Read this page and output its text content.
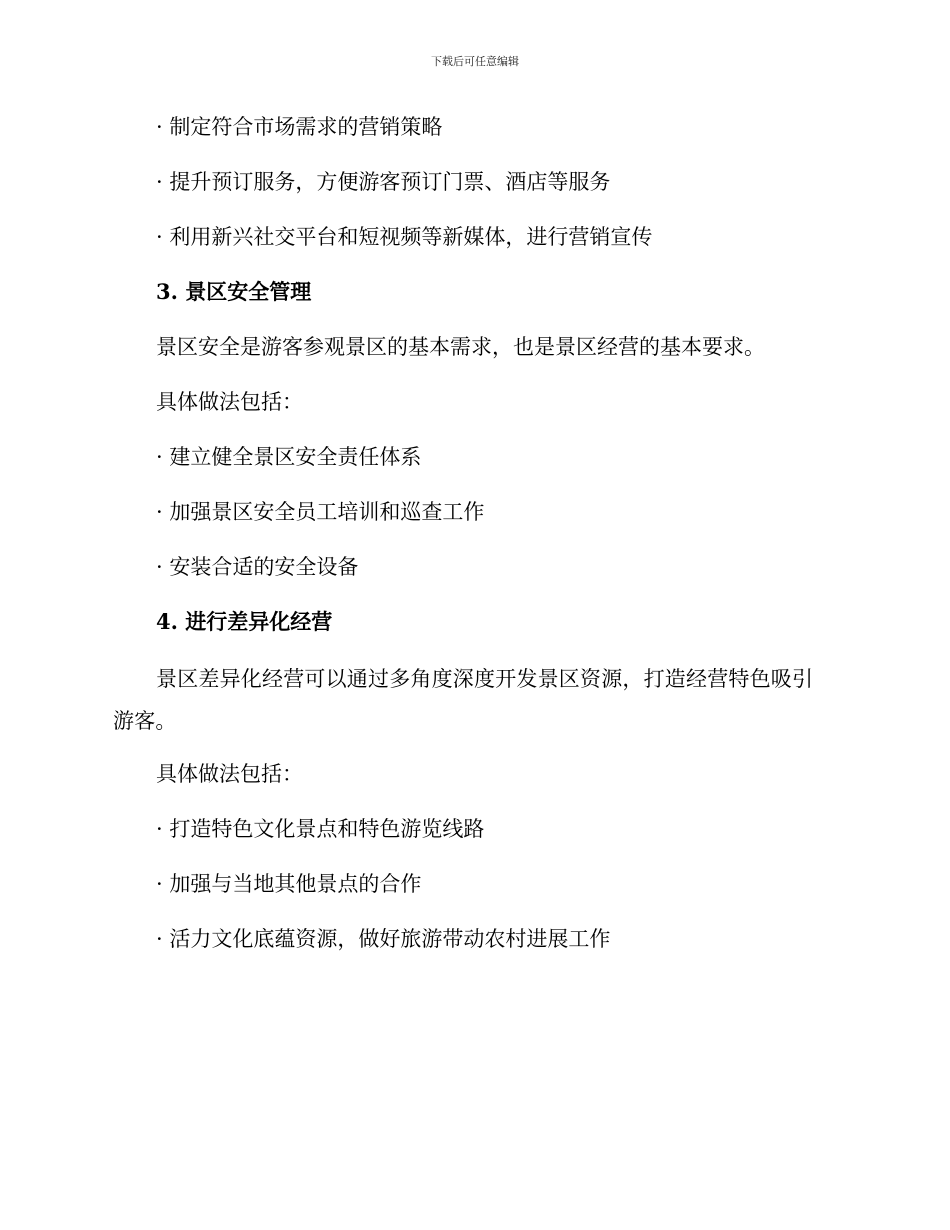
下载后可任意编辑
· 制定符合市场需求的营销策略
· 提升预订服务，方便游客预订门票、酒店等服务
· 利用新兴社交平台和短视频等新媒体，进行营销宣传
3. 景区安全管理
景区安全是游客参观景区的基本需求，也是景区经营的基本要求。
具体做法包括：
· 建立健全景区安全责任体系
· 加强景区安全员工培训和巡查工作
· 安装合适的安全设备
4. 进行差异化经营
景区差异化经营可以通过多角度深度开发景区资源，打造经营特色吸引游客。
具体做法包括：
· 打造特色文化景点和特色游览线路
· 加强与当地其他景点的合作
· 活力文化底蕴资源，做好旅游带动农村进展工作
